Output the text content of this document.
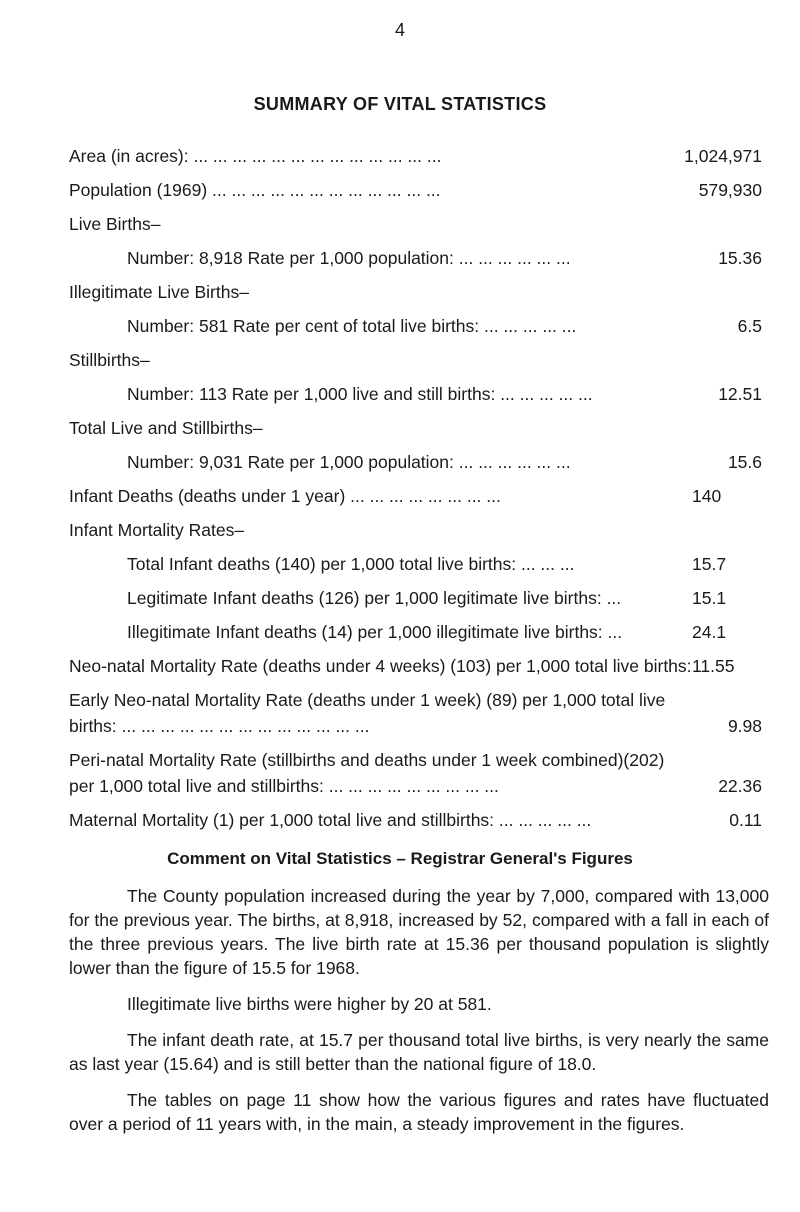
4
SUMMARY OF VITAL STATISTICS
Area (in acres): ... ... ... ... ... ... ... ... ... ... ... ... ...	1,024,971
Population (1969) ... ... ... ... ... ... ... ... ... ... ... ...	579,930
Live Births–
Number: 8,918 Rate per 1,000 population: ... ... ... ... ... ...	15.36
Illegitimate Live Births–
Number: 581 Rate per cent of total live births: ... ... ... ... ...	6.5
Stillbirths–
Number: 113 Rate per 1,000 live and still births: ... ... ... ... ...	12.51
Total Live and Stillbirths–
Number: 9,031 Rate per 1,000 population: ... ... ... ... ... ...	15.6
Infant Deaths (deaths under 1 year) ... ... ... ... ... ... ... ...	140
Infant Mortality Rates–
Total Infant deaths (140) per 1,000 total live births: ... ... ...	15.7
Legitimate Infant deaths (126) per 1,000 legitimate live births: ...	15.1
Illegitimate Infant deaths (14) per 1,000 illegitimate live births: ...	24.1
Neo-natal Mortality Rate (deaths under 4 weeks) (103) per 1,000 total live births: 11.55
Early Neo-natal Mortality Rate (deaths under 1 week) (89) per 1,000 total live births: ... ... ... ... ... ... ... ... ... ... ... ... ...	9.98
Peri-natal Mortality Rate (stillbirths and deaths under 1 week combined)(202) per 1,000 total live and stillbirths: ... ... ... ... ... ... ... ... ...	22.36
Maternal Mortality (1) per 1,000 total live and stillbirths: ... ... ... ... ...	0.11
Comment on Vital Statistics – Registrar General's Figures

The County population increased during the year by 7,000, compared with 13,000 for the previous year. The births, at 8,918, increased by 52, compared with a fall in each of the three previous years. The live birth rate at 15.36 per thousand population is slightly lower than the figure of 15.5 for 1968.

Illegitimate live births were higher by 20 at 581.

The infant death rate, at 15.7 per thousand total live births, is very nearly the same as last year (15.64) and is still better than the national figure of 18.0.

The tables on page 11 show how the various figures and rates have fluctuated over a period of 11 years with, in the main, a steady improvement in the figures.
